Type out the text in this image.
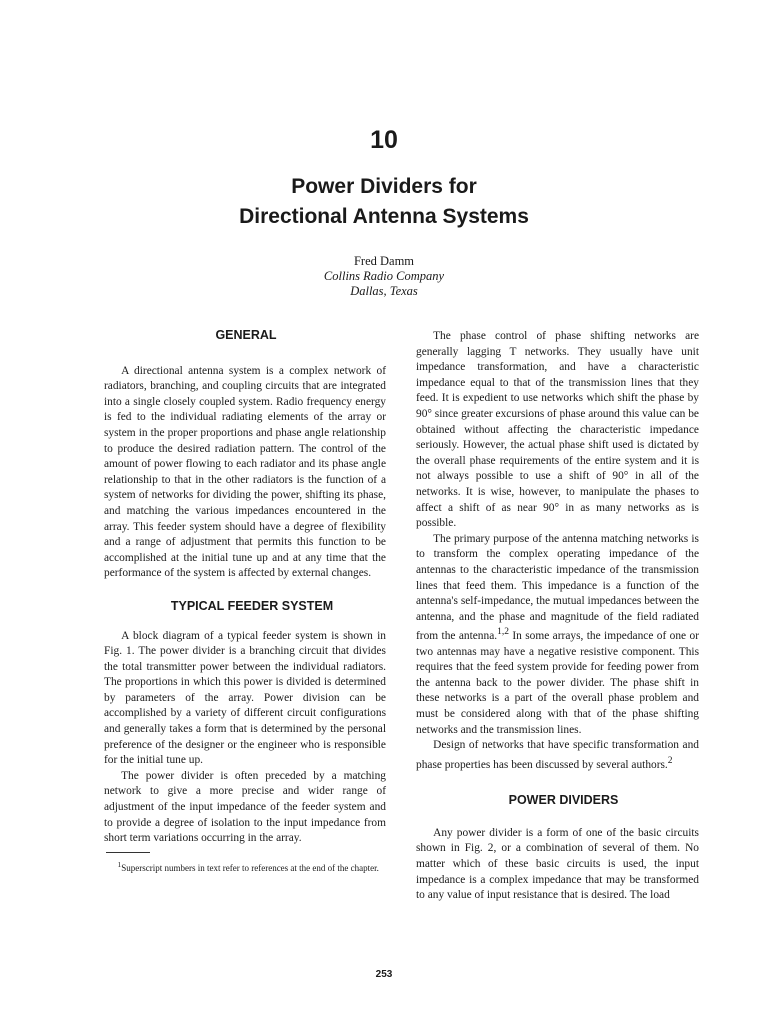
10
Power Dividers for
Directional Antenna Systems
Fred Damm
Collins Radio Company
Dallas, Texas
GENERAL

A directional antenna system is a complex network of radiators, branching, and coupling circuits that are integrated into a single closely coupled system. Radio frequency energy is fed to the individual radiating elements of the array or system in the proper proportions and phase angle relationship to produce the desired radiation pattern. The control of the amount of power flowing to each radiator and its phase angle relationship to that in the other radiators is the function of a system of networks for dividing the power, shifting its phase, and matching the various impedances encountered in the array. This feeder system should have a degree of flexibility and a range of adjustment that permits this function to be accomplished at the initial tune up and at any time that the performance of the system is affected by external changes.

TYPICAL FEEDER SYSTEM

A block diagram of a typical feeder system is shown in Fig. 1. The power divider is a branching circuit that divides the total transmitter power between the individual radiators. The proportions in which this power is divided is determined by parameters of the array. Power division can be accomplished by a variety of different circuit configurations and generally takes a form that is determined by the personal preference of the designer or the engineer who is responsible for the initial tune up.

The power divider is often preceded by a matching network to give a more precise and wider range of adjustment of the input impedance of the feeder system and to provide a degree of isolation to the input impedance from short term variations occurring in the array.

$^1$Superscript numbers in text refer to references at the end of the chapter.

The phase control of phase shifting networks are generally lagging T networks. They usually have unit impedance transformation, and have a characteristic impedance equal to that of the transmission lines that they feed. It is expedient to use networks which shift the phase by 90° since greater excursions of phase around this value can be obtained without affecting the characteristic impedance seriously. However, the actual phase shift used is dictated by the overall phase requirements of the entire system and it is not always possible to use a shift of 90° in all of the networks. It is wise, however, to manipulate the phases to affect a shift of as near 90° in as many networks as is possible.

The primary purpose of the antenna matching networks is to transform the complex operating impedance of the antennas to the characteristic impedance of the transmission lines that feed them. This impedance is a function of the antenna's self-impedance, the mutual impedances between the antenna, and the phase and magnitude of the field radiated from the antenna.$^{1,2}$ In some arrays, the impedance of one or two antennas may have a negative resistive component. This requires that the feed system provide for feeding power from the antenna back to the power divider. The phase shift in these networks is a part of the overall phase problem and must be considered along with that of the phase shifting networks and the transmission lines.

Design of networks that have specific transformation and phase properties has been discussed by several authors.$^2$

POWER DIVIDERS

Any power divider is a form of one of the basic circuits shown in Fig. 2, or a combination of several of them. No matter which of these basic circuits is used, the input impedance is a complex impedance that may be transformed to any value of input resistance that is desired. The load

253
